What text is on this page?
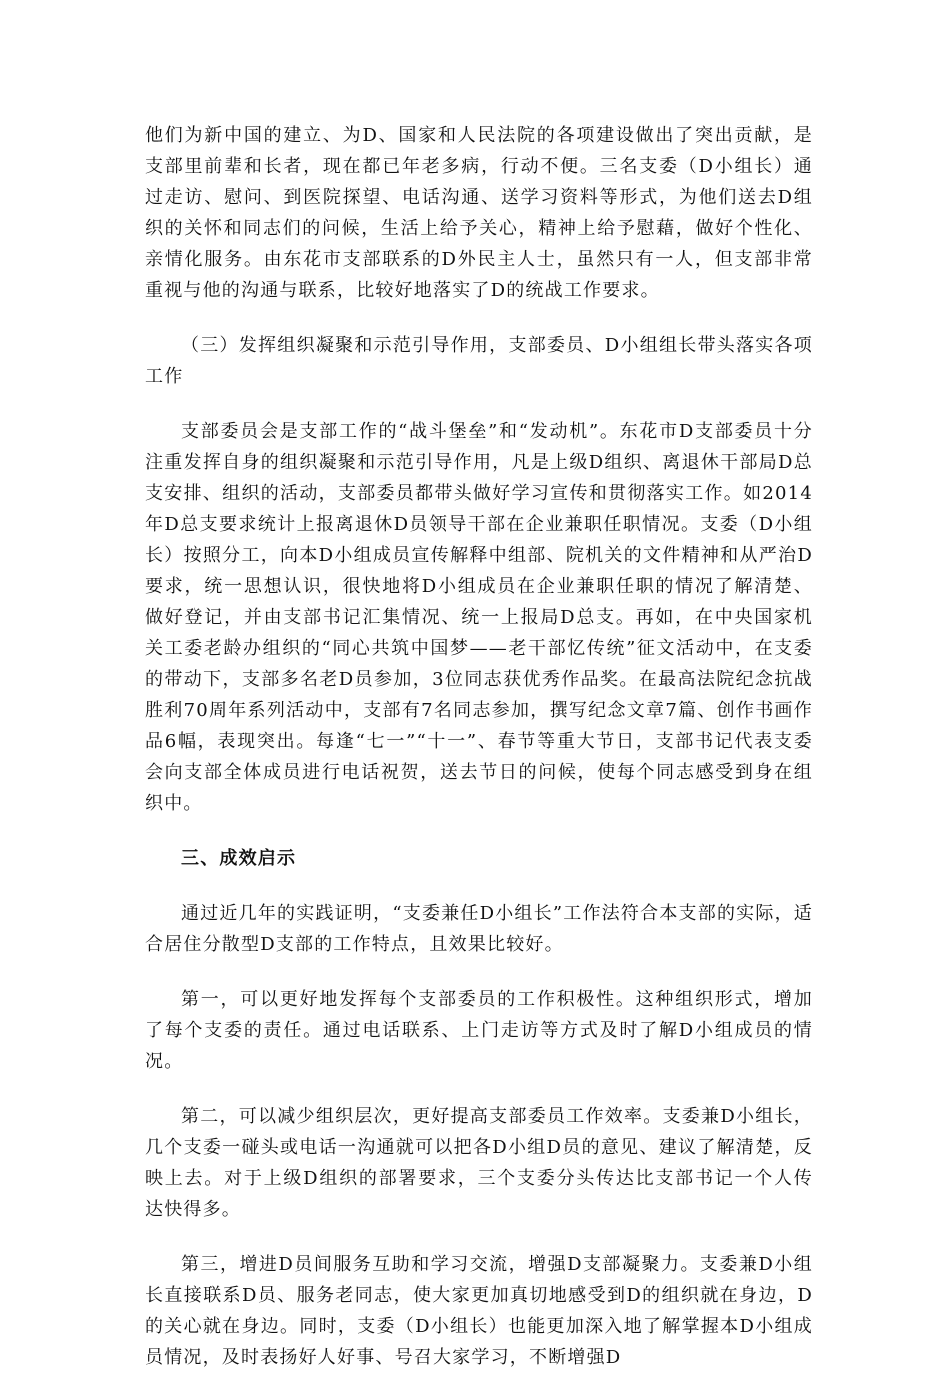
他们为新中国的建立、为D、国家和人民法院的各项建设做出了突出贡献，是支部里前辈和长者，现在都已年老多病，行动不便。三名支委（D小组长）通过走访、慰问、到医院探望、电话沟通、送学习资料等形式，为他们送去D组织的关怀和同志们的问候，生活上给予关心，精神上给予慰藉，做好个性化、亲情化服务。由东花市支部联系的D外民主人士，虽然只有一人，但支部非常重视与他的沟通与联系，比较好地落实了D的统战工作要求。

（三）发挥组织凝聚和示范引导作用，支部委员、D小组组长带头落实各项工作

支部委员会是支部工作的“战斗堡垒”和“发动机”。东花市D支部委员十分注重发挥自身的组织凝聚和示范引导作用，凡是上级D组织、离退休干部局D总支安排、组织的活动，支部委员都带头做好学习宣传和贯彻落实工作。如2014年D总支要求统计上报离退休D员领导干部在企业兼职任职情况。支委（D小组长）按照分工，向本D小组成员宣传解释中组部、院机关的文件精神和从严治D要求，统一思想认识，很快地将D小组成员在企业兼职任职的情况了解清楚、做好登记，并由支部书记汇集情况、统一上报局D总支。再如，在中央国家机关工委老龄办组织的“同心共筑中国梦——老干部忆传统”征文活动中，在支委的带动下，支部多名老D员参加，3位同志获优秀作品奖。在最高法院纪念抗战胜利70周年系列活动中，支部有7名同志参加，撰写纪念文章7篇、创作书画作品6幅，表现突出。每逢“七一”“十一”、春节等重大节日，支部书记代表支委会向支部全体成员进行电话祝贺，送去节日的问候，使每个同志感受到身在组织中。

三、成效启示

通过近几年的实践证明，“支委兼任D小组长”工作法符合本支部的实际，适合居住分散型D支部的工作特点，且效果比较好。

第一，可以更好地发挥每个支部委员的工作积极性。这种组织形式，增加了每个支委的责任。通过电话联系、上门走访等方式及时了解D小组成员的情况。

第二，可以减少组织层次，更好提高支部委员工作效率。支委兼D小组长，几个支委一碰头或电话一沟通就可以把各D小组D员的意见、建议了解清楚，反映上去。对于上级D组织的部署要求，三个支委分头传达比支部书记一个人传达快得多。

第三，增进D员间服务互助和学习交流，增强D支部凝聚力。支委兼D小组长直接联系D员、服务老同志，使大家更加真切地感受到D的组织就在身边，D的关心就在身边。同时，支委（D小组长）也能更加深入地了解掌握本D小组成员情况，及时表扬好人好事、号召大家学习，不断增强D
